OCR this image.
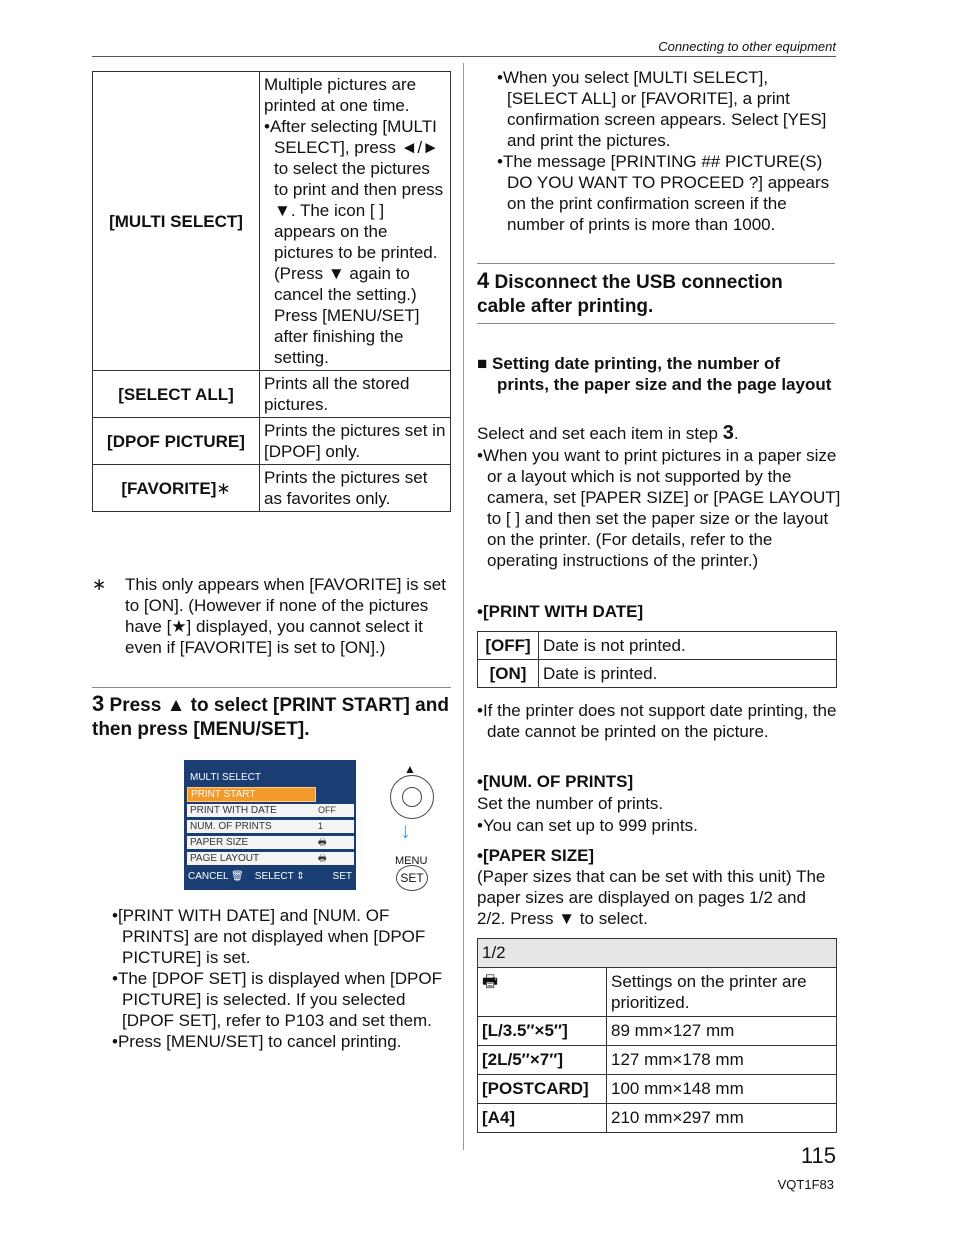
Connecting to other equipment
[MULTI SELECT]	Multiple pictures are printed at one time.
• After selecting [MULTI SELECT], press ◄/► to select the pictures to print and then press ▼. The icon [ ] appears on the pictures to be printed. (Press ▼ again to cancel the setting.)
Press [MENU/SET] after finishing the setting.

[SELECT ALL]	Prints all the stored pictures.
[DPOF PICTURE]	Prints the pictures set in [DPOF] only.
[FAVORITE]∗	Prints the pictures set as favorites only.
∗ This only appears when [FAVORITE] is set to [ON]. (However if none of the pictures have [★] displayed, you cannot select it even if [FAVORITE] is set to [ON].)
3 Press ▲ to select [PRINT START] and then press [MENU/SET].
MULTI SELECT
PRINT START
PRINT WITH DATE	OFF
NUM. OF PRINTS	1
PAPER SIZE	🖶
PAGE LAYOUT	🖶
CANCEL 🗑    SELECT ⇕	SET
▲
↓
MENU
SET
• [PRINT WITH DATE] and [NUM. OF PRINTS] are not displayed when [DPOF PICTURE] is set.
• The [DPOF SET] is displayed when [DPOF PICTURE] is selected. If you selected [DPOF SET], refer to P103 and set them.
• Press [MENU/SET] to cancel printing.
• When you select [MULTI SELECT], [SELECT ALL] or [FAVORITE], a print confirmation screen appears. Select [YES] and print the pictures.
• The message [PRINTING ## PICTURE(S) DO YOU WANT TO PROCEED ?] appears on the print confirmation screen if the number of prints is more than 1000.
4 Disconnect the USB connection cable after printing.
■ Setting date printing, the number of prints, the paper size and the page layout
Select and set each item in step 3.
• When you want to print pictures in a paper size or a layout which is not supported by the camera, set [PAPER SIZE] or [PAGE LAYOUT] to [ ] and then set the paper size or the layout on the printer. (For details, refer to the operating instructions of the printer.)
• [PRINT WITH DATE]
[OFF]	Date is not printed.
[ON]	Date is printed.
• If the printer does not support date printing, the date cannot be printed on the picture.
• [NUM. OF PRINTS]
Set the number of prints.
• You can set up to 999 prints.
• [PAPER SIZE]
(Paper sizes that can be set with this unit) The paper sizes are displayed on pages 1/2 and 2/2. Press ▼ to select.
1/2	
🖶	Settings on the printer are prioritized.
[L/3.5″×5″]	89 mm×127 mm
[2L/5″×7″]	127 mm×178 mm
[POSTCARD]	100 mm×148 mm
[A4]	210 mm×297 mm
115
VQT1F83
